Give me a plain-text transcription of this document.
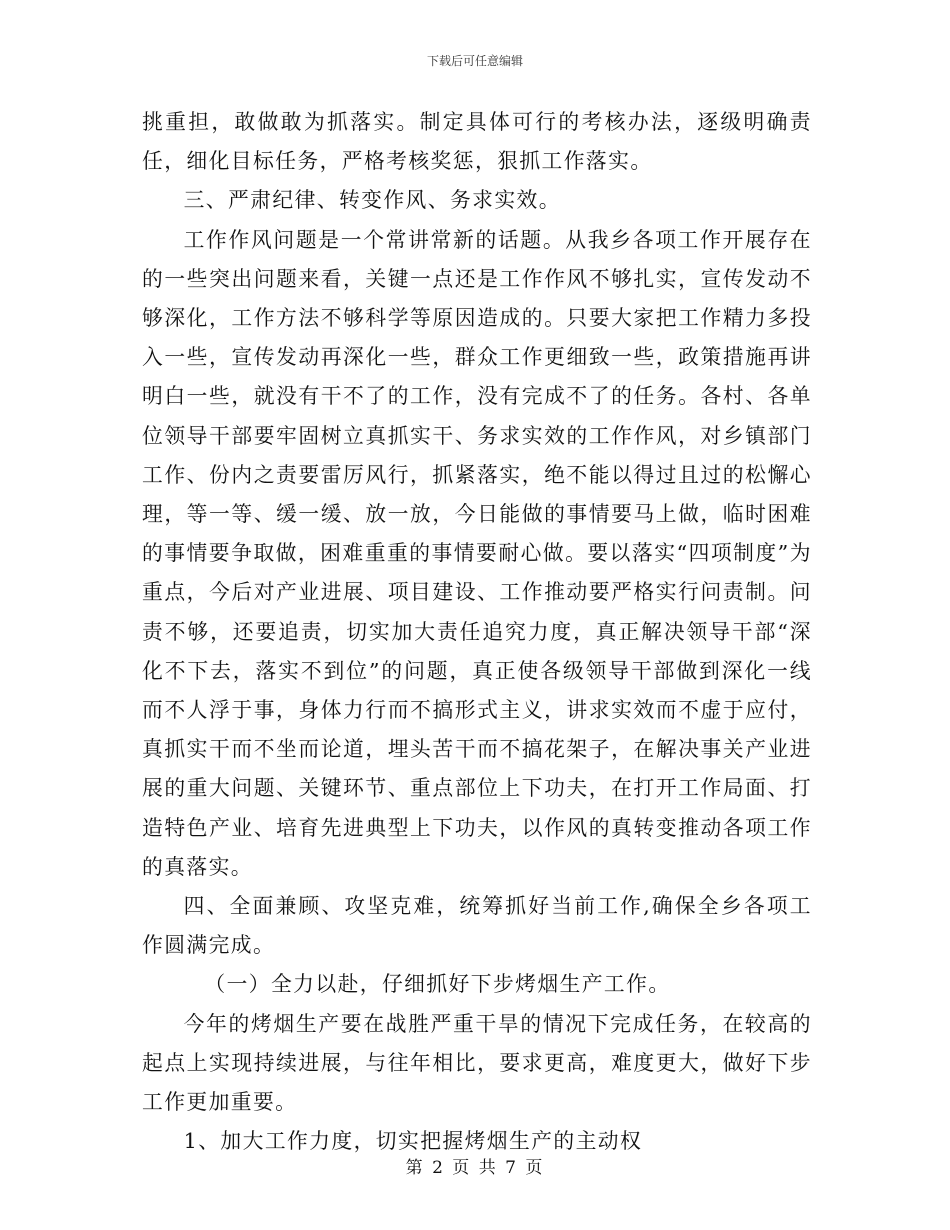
下载后可任意编辑

挑重担，敢做敢为抓落实。制定具体可行的考核办法，逐级明确责任，细化目标任务，严格考核奖惩，狠抓工作落实。

三、严肃纪律、转变作风、务求实效。

工作作风问题是一个常讲常新的话题。从我乡各项工作开展存在的一些突出问题来看，关键一点还是工作作风不够扎实，宣传发动不够深化，工作方法不够科学等原因造成的。只要大家把工作精力多投入一些，宣传发动再深化一些，群众工作更细致一些，政策措施再讲明白一些，就没有干不了的工作，没有完成不了的任务。各村、各单位领导干部要牢固树立真抓实干、务求实效的工作作风，对乡镇部门工作、份内之责要雷厉风行，抓紧落实，绝不能以得过且过的松懈心理，等一等、缓一缓、放一放，今日能做的事情要马上做，临时困难的事情要争取做，困难重重的事情要耐心做。要以落实“四项制度”为重点，今后对产业进展、项目建设、工作推动要严格实行问责制。问责不够，还要追责，切实加大责任追究力度，真正解决领导干部“深化不下去，落实不到位”的问题，真正使各级领导干部做到深化一线而不人浮于事，身体力行而不搞形式主义，讲求实效而不虚于应付，真抓实干而不坐而论道，埋头苦干而不搞花架子，在解决事关产业进展的重大问题、关键环节、重点部位上下功夫，在打开工作局面、打造特色产业、培育先进典型上下功夫，以作风的真转变推动各项工作的真落实。

四、全面兼顾、攻坚克难，统筹抓好当前工作,确保全乡各项工作圆满完成。

（一）全力以赴，仔细抓好下步烤烟生产工作。

今年的烤烟生产要在战胜严重干旱的情况下完成任务，在较高的起点上实现持续进展，与往年相比，要求更高，难度更大，做好下步工作更加重要。

1、加大工作力度，切实把握烤烟生产的主动权

第 2 页 共 7 页
